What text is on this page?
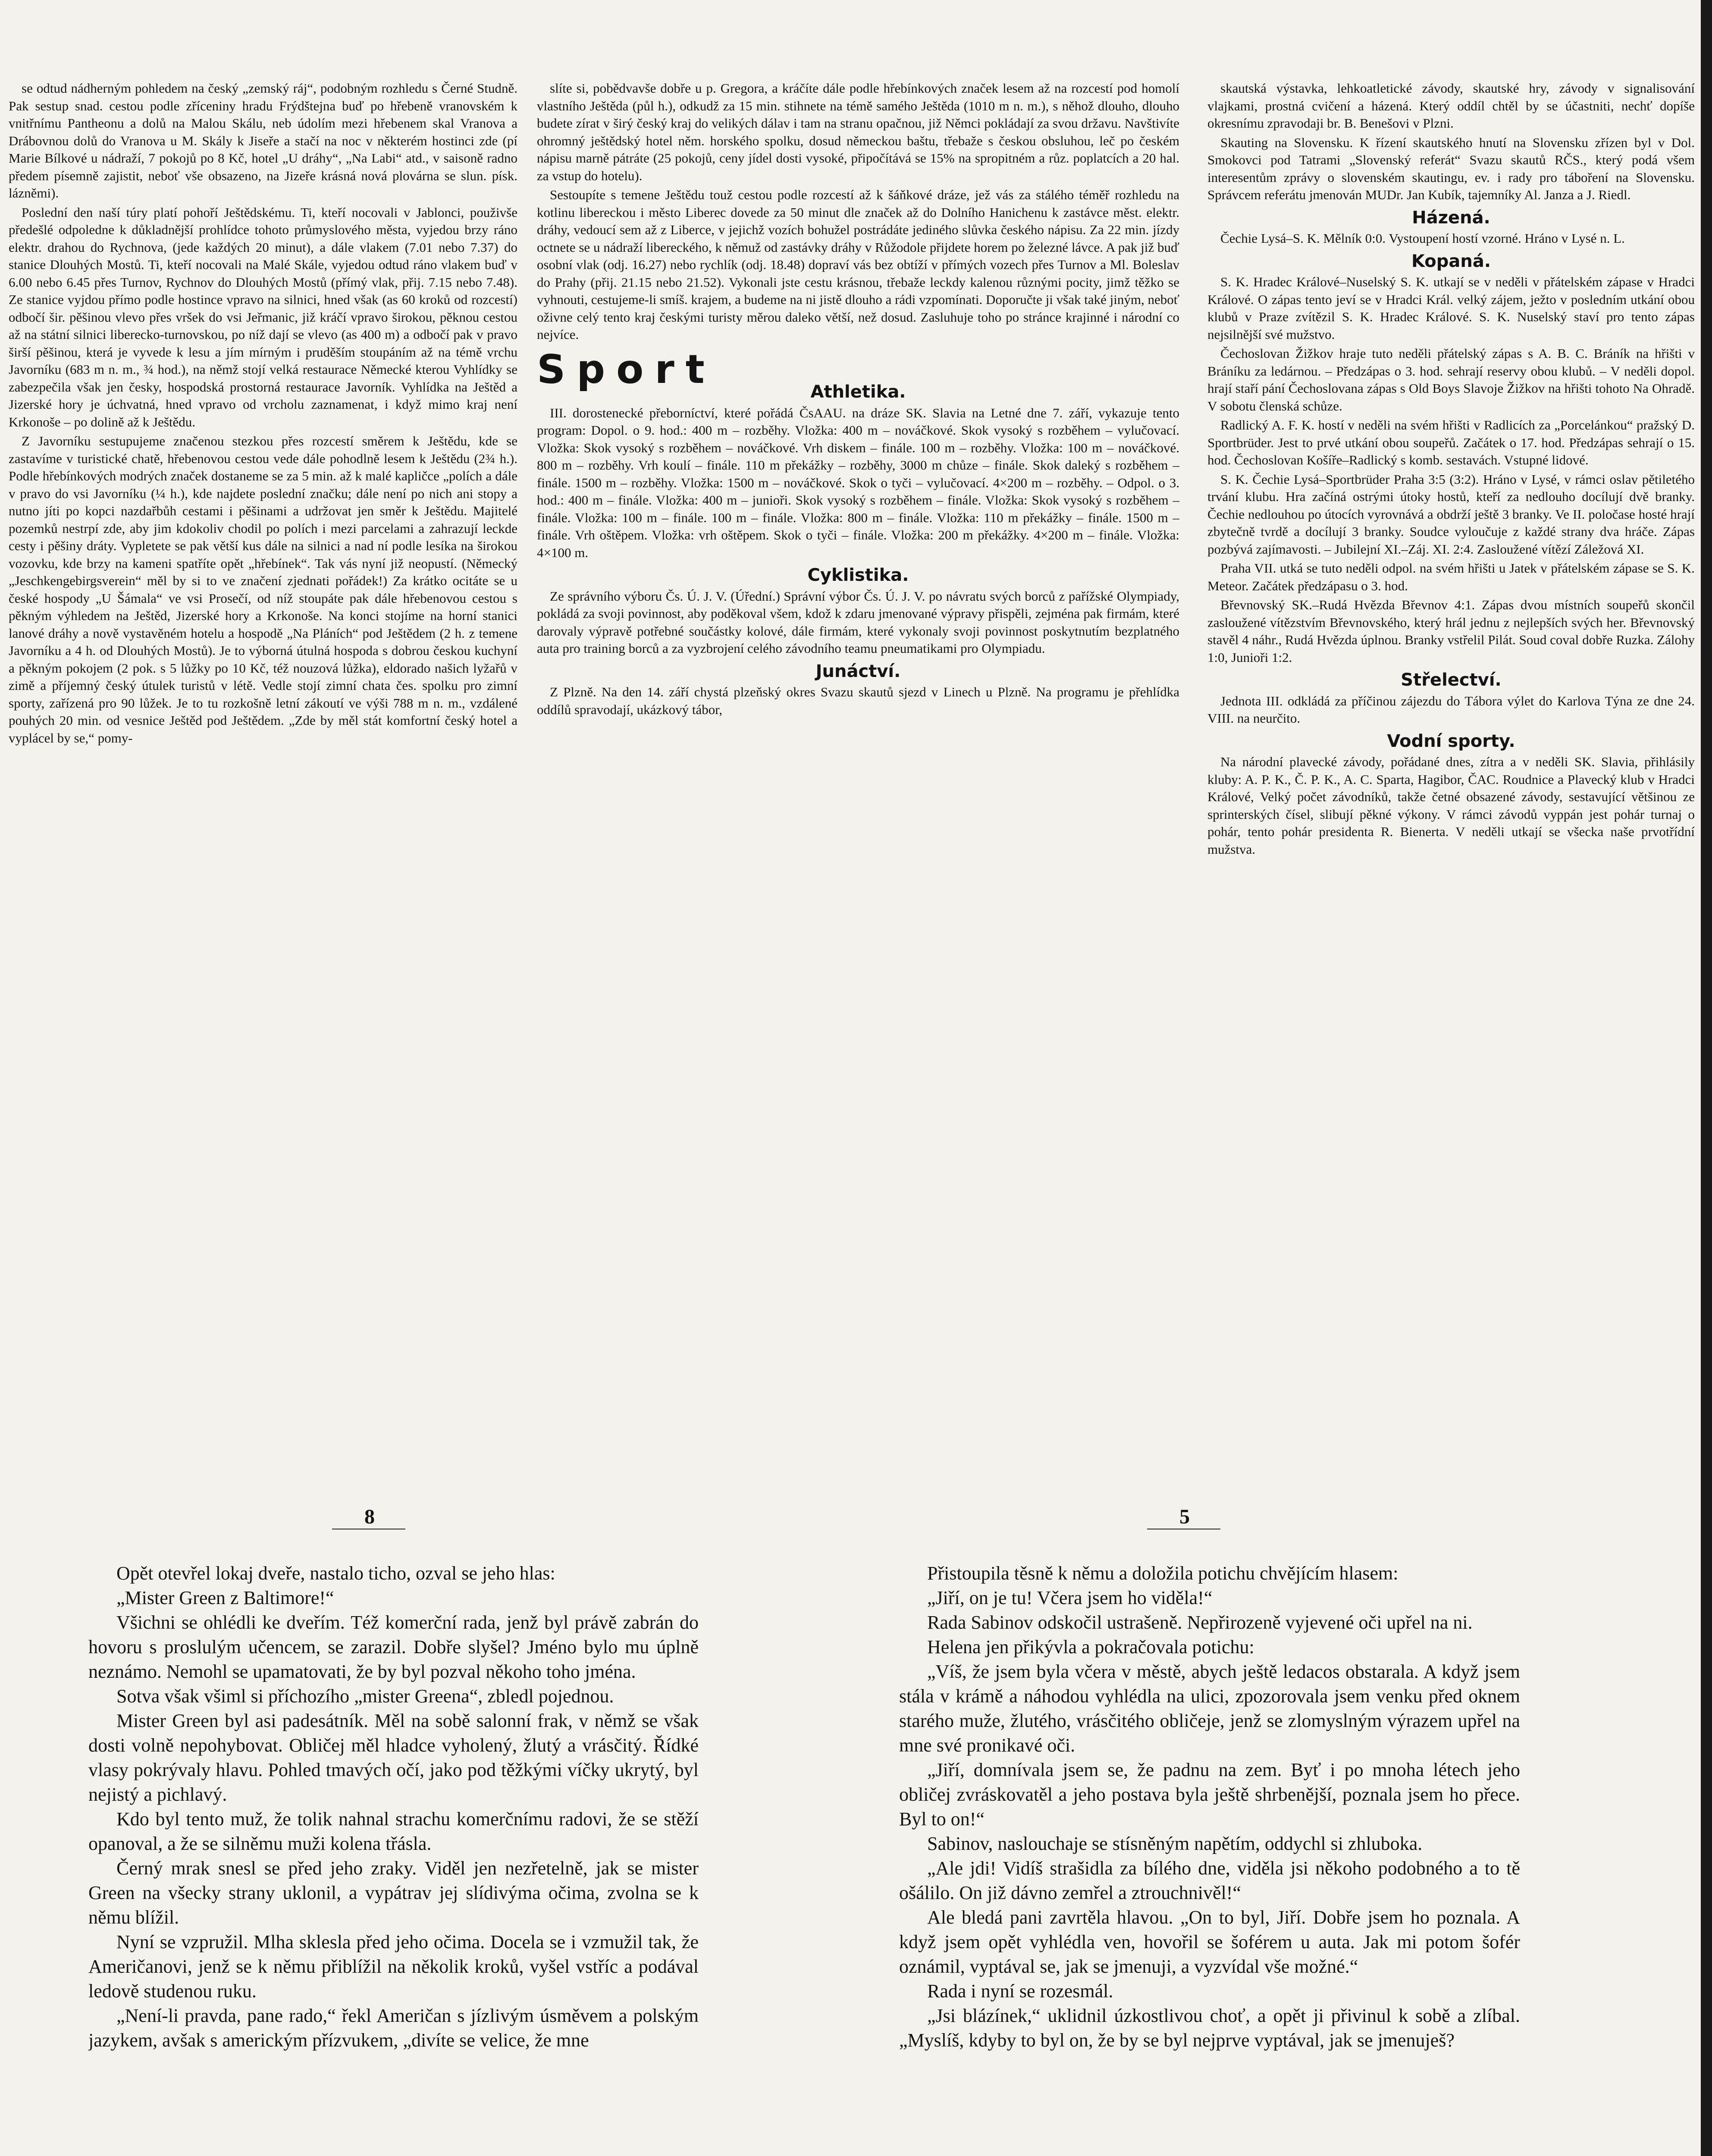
se odtud nádherným pohledem na český „zemský ráj“, podobným rozhledu s Černé Studně. Pak sestup snad. cestou podle zříceniny hradu Frýdštejna buď po hřebeně vranovském k vnitřnímu Pantheonu a dolů na Malou Skálu, neb údolím mezi hřebenem skal Vranova a Drábovnou dolů do Vranova u M. Skály k Jiseře a stačí na noc v některém hostinci zde (pí Marie Bílkové u nádraží, 7 pokojů po 8 Kč, hotel „U dráhy“, „Na Labi“ atd., v saisoně radno předem písemně zajistit, neboť vše obsazeno, na Jizeře krásná nová plovárna se slun. písk. lázněmi).

Poslední den naší túry platí pohoří Ještědskému. Ti, kteří nocovali v Jablonci, použivše předešlé odpoledne k důkladnější prohlídce tohoto průmyslového města, vyjedou brzy ráno elektr. drahou do Rychnova, (jede každých 20 minut), a dále vlakem (7.01 nebo 7.37) do stanice Dlouhých Mostů. Ti, kteří nocovali na Malé Skále, vyjedou odtud ráno vlakem buď v 6.00 nebo 6.45 přes Turnov, Rychnov do Dlouhých Mostů (přímý vlak, přij. 7.15 nebo 7.48). Ze stanice vyjdou přímo podle hostince vpravo na silnici, hned však (as 60 kroků od rozcestí) odbočí šir. pěšinou vlevo přes vršek do vsi Jeřmanic, již kráčí vpravo širokou, pěknou cestou až na státní silnici liberecko-turnovskou, po níž dají se vlevo (as 400 m) a odbočí pak v pravo širší pěšinou, která je vyvede k lesu a jím mírným i pruděším stoupáním až na témě vrchu Javorníku (683 m n. m., ¾ hod.), na němž stojí velká restaurace Německé kterou Vyhlídky se zabezpečila však jen česky, hospodská prostorná restaurace Javorník. Vyhlídka na Ještěd a Jizerské hory je úchvatná, hned vpravo od vrcholu zaznamenat, i když mimo kraj není Krkonoše – po dolině až k Ještědu.

Z Javorníku sestupujeme značenou stezkou přes rozcestí směrem k Ještědu, kde se zastavíme v turistické chatě, hřebenovou cestou vede dále pohodlně lesem k Ještědu (2¾ h.). Podle hřebínkových modrých značek dostaneme se za 5 min. až k malé kapličce „polích a dále v pravo do vsi Javorníku (¼ h.), kde najdete poslední značku; dále není po nich ani stopy a nutno jíti po kopci nazdařbůh cestami i pěšinami a udržovat jen směr k Ještědu. Majitelé pozemků nestrpí zde, aby jim kdokoliv chodil po polích i mezi parcelami a zahrazují leckde cesty i pěšiny dráty. Vypletete se pak větší kus dále na silnici a nad ní podle lesíka na širokou vozovku, kde brzy na kameni spatříte opět „hřebínek“. Tak vás nyní již neopustí. (Německý „Jeschkengebirgsverein“ měl by si to ve značení zjednati pořádek!) Za krátko ocitáte se u české hospody „U Šámala“ ve vsi Prosečí, od níž stoupáte pak dále hřebenovou cestou s pěkným výhledem na Ještěd, Jizerské hory a Krkonoše. Na konci stojíme na horní stanici lanové dráhy a nově vystavěném hotelu a hospodě „Na Pláních“ pod Ještědem (2 h. z temene Javorníku a 4 h. od Dlouhých Mostů). Je to výborná útulná hospoda s dobrou českou kuchyní a pěkným pokojem (2 pok. s 5 lůžky po 10 Kč, též nouzová lůžka), eldorado našich lyžařů v zimě a příjemný český útulek turistů v létě. Vedle stojí zimní chata čes. spolku pro zimní sporty, zařízená pro 90 lůžek. Je to tu rozkošně letní zákoutí ve výši 788 m n. m., vzdálené pouhých 20 min. od vesnice Ještěd pod Ještědem. „Zde by měl stát komfortní český hotel a vyplácel by se,“ pomy-

slíte si, pobědvavše dobře u p. Gregora, a kráčíte dále podle hřebínkových značek lesem až na rozcestí pod homolí vlastního Ještěda (půl h.), odkudž za 15 min. stihnete na témě samého Ještěda (1010 m n. m.), s něhož dlouho, dlouho budete zírat v širý český kraj do velikých dálav i tam na stranu opačnou, již Němci pokládají za svou državu. Navštivíte ohromný ještědský hotel něm. horského spolku, dosud německou baštu, třebaže s českou obsluhou, leč po českém nápisu marně pátráte (25 pokojů, ceny jídel dosti vysoké, připočítává se 15% na spropitném a růz. poplatcích a 20 hal. za vstup do hotelu).

Sestoupíte s temene Ještědu touž cestou podle rozcestí až k šáňkové dráze, jež vás za stálého téměř rozhledu na kotlinu libereckou i město Liberec dovede za 50 minut dle značek až do Dolního Hanichenu k zastávce měst. elektr. dráhy, vedoucí sem až z Liberce, v jejichž vozích bohužel postrádáte jediného slůvka českého nápisu. Za 22 min. jízdy octnete se u nádraží libereckého, k němuž od zastávky dráhy v Růžodole přijdete horem po železné lávce. A pak již buď osobní vlak (odj. 16.27) nebo rychlík (odj. 18.48) dopraví vás bez obtíží v přímých vozech přes Turnov a Ml. Boleslav do Prahy (přij. 21.15 nebo 21.52). Vykonali jste cestu krásnou, třebaže leckdy kalenou různými pocity, jimž těžko se vyhnouti, cestujeme-li smíš. krajem, a budeme na ni jistě dlouho a rádi vzpomínati. Doporučte ji však také jiným, neboť oživne celý tento kraj českými turisty měrou daleko větší, než dosud. Zasluhuje toho po stránce krajinné i národní co nejvíce.

Sport	Athletika.

III. dorostenecké přeborníctví, které pořádá ČsAAU. na dráze SK. Slavia na Letné dne 7. září, vykazuje tento program: Dopol. o 9. hod.: 400 m – rozběhy. Vložka: 400 m – nováčkové. Skok vysoký s rozběhem – vylučovací. Vložka: Skok vysoký s rozběhem – nováčkové. Vrh diskem – finále. 100 m – rozběhy. Vložka: 100 m – nováčkové. 800 m – rozběhy. Vrh koulí – finále. 110 m překážky – rozběhy, 3000 m chůze – finále. Skok daleký s rozběhem – finále. 1500 m – rozběhy. Vložka: 1500 m – nováčkové. Skok o tyči – vylučovací. 4×200 m – rozběhy. – Odpol. o 3. hod.: 400 m – finále. Vložka: 400 m – junioři. Skok vysoký s rozběhem – finále. Vložka: Skok vysoký s rozběhem – finále. Vložka: 100 m – finále. 100 m – finále. Vložka: 800 m – finále. Vložka: 110 m překážky – finále. 1500 m – finále. Vrh oštěpem. Vložka: vrh oštěpem. Skok o tyči – finále. Vložka: 200 m překážky. 4×200 m – finále. Vložka: 4×100 m.

Cyklistika.

Ze správního výboru Čs. Ú. J. V. (Úřední.) Správní výbor Čs. Ú. J. V. po návratu svých borců z pařížské Olympiady, pokládá za svoji povinnost, aby poděkoval všem, kdož k zdaru jmenované výpravy přispěli, zejména pak firmám, které darovaly výpravě potřebné součástky kolové, dále firmám, které vykonaly svoji povinnost poskytnutím bezplatného auta pro training borců a za vyzbrojení celého závodního teamu pneumatikami pro Olympiadu.

Junáctví.

Z Plzně. Na den 14. září chystá plzeňský okres Svazu skautů sjezd v Linech u Plzně. Na programu je přehlídka oddílů spravodají, ukázkový tábor,

skautská výstavka, lehkoatletické závody, skautské hry, závody v signalisování vlajkami, prostná cvičení a házená. Který oddíl chtěl by se účastniti, nechť dopíše okresnímu zpravodaji br. B. Benešovi v Plzni.

Skauting na Slovensku. K řízení skautského hnutí na Slovensku zřízen byl v Dol. Smokovci pod Tatrami „Slovenský referát“ Svazu skautů RČS., který podá všem interesentům zprávy o slovenském skautingu, ev. i rady pro táboření na Slovensku. Správcem referátu jmenován MUDr. Jan Kubík, tajemníky Al. Janza a J. Riedl.

Házená.

Čechie Lysá–S. K. Mělník 0:0. Vystoupení hostí vzorné. Hráno v Lysé n. L.

Kopaná.

S. K. Hradec Králové–Nuselský S. K. utkají se v neděli v přátelském zápase v Hradci Králové. O zápas tento jeví se v Hradci Král. velký zájem, ježto v posledním utkání obou klubů v Praze zvítězil S. K. Hradec Králové. S. K. Nuselský staví pro tento zápas nejsilnější své mužstvo.

Čechoslovan Žižkov hraje tuto neděli přátelský zápas s A. B. C. Bráník na hřišti v Bráníku za ledárnou. – Předzápas o 3. hod. sehrají reservy obou klubů. – V neděli dopol. hrají staří pání Čechoslovana zápas s Old Boys Slavoje Žižkov na hřišti tohoto Na Ohradě. V sobotu členská schůze.

Radlický A. F. K. hostí v neděli na svém hřišti v Radlicích za „Porcelánkou“ pražský D. Sportbrüder. Jest to prvé utkání obou soupeřů. Začátek o 17. hod. Předzápas sehrají o 15. hod. Čechoslovan Košíře–Radlický s komb. sestavách. Vstupné lidové.

S. K. Čechie Lysá–Sportbrüder Praha 3:5 (3:2). Hráno v Lysé, v rámci oslav pětiletého trvání klubu. Hra začíná ostrými útoky hostů, kteří za nedlouho docílují dvě branky. Čechie nedlouhou po útocích vyrovnává a obdrží ještě 3 branky. Ve II. poločase hosté hrají zbytečně tvrdě a docílují 3 branky. Soudce vyloučuje z každé strany dva hráče. Zápas pozbývá zajímavosti. – Jubilejní XI.–Záj. XI. 2:4. Zasloužené vítězí Záležová XI.

Praha VII. utká se tuto neděli odpol. na svém hřišti u Jatek v přátelském zápase se S. K. Meteor. Začátek předzápasu o 3. hod.

Břevnovský SK.–Rudá Hvězda Břevnov 4:1. Zápas dvou místních soupeřů skončil zasloužené vítězstvím Břevnovského, který hrál jednu z nejlepších svých her. Břevnovský stavěl 4 náhr., Rudá Hvězda úplnou. Branky vstřelil Pilát. Soud coval dobře Ruzka. Zálohy 1:0, Junioři 1:2.

Střelectví.

Jednota III. odkládá za příčinou zájezdu do Tábora výlet do Karlova Týna ze dne 24. VIII. na neurčito.

Vodní sporty.

Na národní plavecké závody, pořádané dnes, zítra a v neděli SK. Slavia, přihlásily kluby: A. P. K., Č. P. K., A. C. Sparta, Hagibor, ČAC. Roudnice a Plavecký klub v Hradci Králové, Velký počet závodníků, takže četné obsazené závody, sestavující většinou ze sprinterských čísel, slibují pěkné výkony. V rámci závodů vyppán jest pohár turnaj o pohár, tento pohár presidenta R. Bienerta. V neděli utkají se všecka naše prvotřídní mužstva.

8	5

Opět otevřel lokaj dveře, nastalo ticho, ozval se jeho hlas:

„Mister Green z Baltimore!“

Všichni se ohlédli ke dveřím. Též komerční rada, jenž byl právě zabrán do hovoru s proslulým učencem, se zarazil. Dobře slyšel? Jméno bylo mu úplně neznámo. Nemohl se upamatovati, že by byl pozval někoho toho jména.

Sotva však všiml si příchozího „mister Greena“, zbledl pojednou.

Mister Green byl asi padesátník. Měl na sobě salonní frak, v němž se však dosti volně nepohybovat. Obličej měl hladce vyholený, žlutý a vrásčitý. Řídké vlasy pokrývaly hlavu. Pohled tmavých očí, jako pod těžkými víčky ukrytý, byl nejistý a pichlavý.

Kdo byl tento muž, že tolik nahnal strachu komerčnímu radovi, že se stěží opanoval, a že se silněmu muži kolena třásla.

Černý mrak snesl se před jeho zraky. Viděl jen nezřetelně, jak se mister Green na všecky strany uklonil, a vypátrav jej slídivýma očima, zvolna se k němu blížil.

Nyní se vzpružil. Mlha sklesla před jeho očima. Docela se i vzmužil tak, že Američanovi, jenž se k němu přiblížil na několik kroků, vyšel vstříc a podával ledově studenou ruku.

„Není-li pravda, pane rado,“ řekl Američan s jízlivým úsměvem a polským jazykem, avšak s americkým přízvukem, „divíte se velice, že mne

Přistoupila těsně k němu a doložila potichu chvějícím hlasem:

„Jiří, on je tu! Včera jsem ho viděla!“

Rada Sabinov odskočil ustrašeně. Nepřirozeně vyjevené oči upřel na ni.

Helena jen přikývla a pokračovala potichu:

„Víš, že jsem byla včera v městě, abych ještě ledacos obstarala. A když jsem stála v krámě a náhodou vyhlédla na ulici, zpozorovala jsem venku před oknem starého muže, žlutého, vrásčitého obličeje, jenž se zlomyslným výrazem upřel na mne své pronikavé oči.

„Jiří, domnívala jsem se, že padnu na zem. Byť i po mnoha létech jeho obličej zvráskovatěl a jeho postava byla ještě shrbenější, poznala jsem ho přece. Byl to on!“

Sabinov, naslouchaje se stísněným napětím, oddychl si zhluboka.

„Ale jdi! Vidíš strašidla za bílého dne, viděla jsi někoho podobného a to tě ošálilo. On již dávno zemřel a ztrouchnivěl!“

Ale bledá pani zavrtěla hlavou. „On to byl, Jiří. Dobře jsem ho poznala. A když jsem opět vyhlédla ven, hovořil se šoférem u auta. Jak mi potom šofér oznámil, vyptával se, jak se jmenuji, a vyzvídal vše možné.“

Rada i nyní se rozesmál.

„Jsi blázínek,“ uklidnil úzkostlivou choť, a opět ji přivinul k sobě a zlíbal. „Myslíš, kdyby to byl on, že by se byl nejprve vyptával, jak se jmenuješ?
